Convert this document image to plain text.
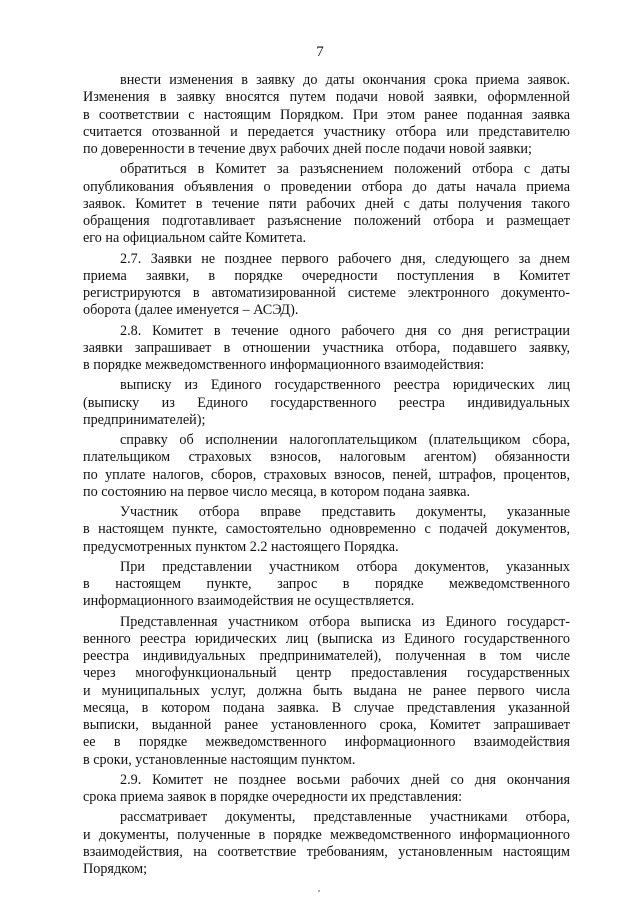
7
внести изменения в заявку до даты окончания срока приема заявок.
Изменения в заявку вносятся путем подачи новой заявки, оформленной
в соответствии с настоящим Порядком. При этом ранее поданная заявка
считается отозванной и передается участнику отбора или представителю
по доверенности в течение двух рабочих дней после подачи новой заявки;
обратиться в Комитет за разъяснением положений отбора с даты
опубликования объявления о проведении отбора до даты начала приема
заявок. Комитет в течение пяти рабочих дней с даты получения такого
обращения подготавливает разъяснение положений отбора и размещает
его на официальном сайте Комитета.
2.7. Заявки не позднее первого рабочего дня, следующего за днем
приема заявки, в порядке очередности поступления в Комитет
регистрируются в автоматизированной системе электронного документо-
оборота (далее именуется – АСЭД).
2.8. Комитет в течение одного рабочего дня со дня регистрации
заявки запрашивает в отношении участника отбора, подавшего заявку,
в порядке межведомственного информационного взаимодействия:
выписку из Единого государственного реестра юридических лиц
(выписку из Единого государственного реестра индивидуальных
предпринимателей);
справку об исполнении налогоплательщиком (плательщиком сбора,
плательщиком страховых взносов, налоговым агентом) обязанности
по уплате налогов, сборов, страховых взносов, пеней, штрафов, процентов,
по состоянию на первое число месяца, в котором подана заявка.
Участник отбора вправе представить документы, указанные
в настоящем пункте, самостоятельно одновременно с подачей документов,
предусмотренных пунктом 2.2 настоящего Порядка.
При представлении участником отбора документов, указанных
в настоящем пункте, запрос в порядке межведомственного
информационного взаимодействия не осуществляется.
Представленная участником отбора выписка из Единого государст-
венного реестра юридических лиц (выписка из Единого государственного
реестра индивидуальных предпринимателей), полученная в том числе
через многофункциональный центр предоставления государственных
и муниципальных услуг, должна быть выдана не ранее первого числа
месяца, в котором подана заявка. В случае представления указанной
выписки, выданной ранее установленного срока, Комитет запрашивает
ее в порядке межведомственного информационного взаимодействия
в сроки, установленные настоящим пунктом.
2.9. Комитет не позднее восьми рабочих дней со дня окончания
срока приема заявок в порядке очередности их представления:
рассматривает документы, представленные участниками отбора,
и документы, полученные в порядке межведомственного информационного
взаимодействия, на соответствие требованиям, установленным настоящим
Порядком;
